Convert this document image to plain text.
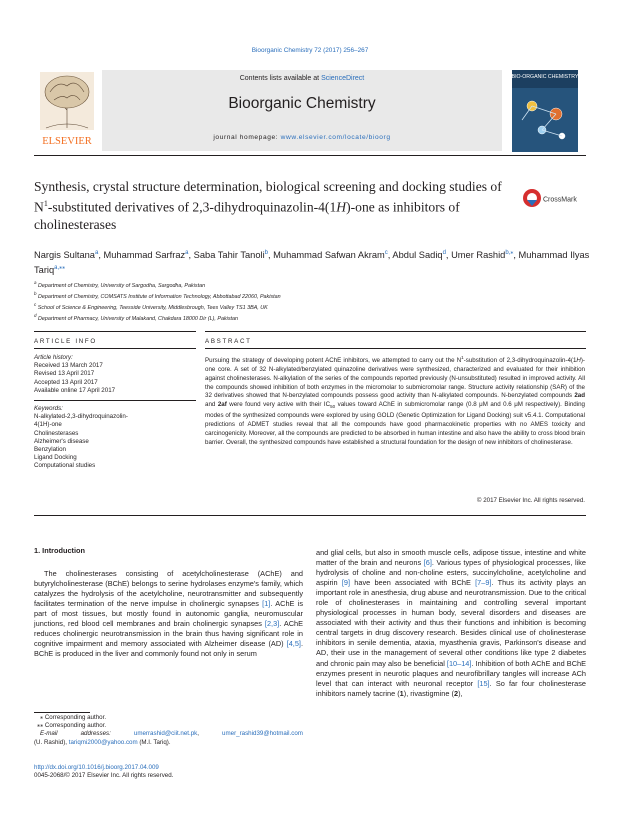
Bioorganic Chemistry 72 (2017) 256–267
ELSEVIER
Contents lists available at ScienceDirect
Bioorganic Chemistry
journal homepage: www.elsevier.com/locate/bioorg
BIO-ORGANIC CHEMISTRY
Synthesis, crystal structure determination, biological screening and docking studies of $N^1$-substituted derivatives of 2,3-dihydroquinazolin-4(1H)-one as inhibitors of cholinesterases
CrossMark
Nargis Sultana$^a$, Muhammad Sarfraz$^a$, Saba Tahir Tanoli$^b$, Muhammad Safwan Akram$^c$, Abdul Sadiq$^d$, Umer Rashid$^{b,⁎}$, Muhammad Ilyas Tariq$^{a,⁎⁎}$
$^a$ Department of Chemistry, University of Sargodha, Sargodha, Pakistan
$^b$ Department of Chemistry, COMSATS Institute of Information Technology, Abbottabad 22060, Pakistan
$^c$ School of Science & Engineering, Teesside University, Middlesbrough, Tees Valley TS1 3BA, UK
$^d$ Department of Pharmacy, University of Malakand, Chakdara 18000 Dir (L), Pakistan
ARTICLE INFO	ABSTRACT
Article history:
Received 13 March 2017
Revised 13 April 2017
Accepted 13 April 2017
Available online 17 April 2017
Keywords:
N-alkylated-2,3-dihydroquinazolin-4(1H)-one
Cholinesterases
Alzheimer's disease
Benzylation
Ligand Docking
Computational studies
Pursuing the strategy of developing potent AChE inhibitors, we attempted to carry out the $N^1$-substitution of 2,3-dihydroquinazolin-4(1H)-one core. A set of 32 N-alkylated/benzylated quinazoline derivatives were synthesized, characterized and evaluated for their inhibition against cholinesterases. N-alkylation of the series of the compounds reported previously (N-unsubstituted) resulted in improved activity. All the compounds showed inhibition of both enzymes in the micromolar to submicromolar range. Structure activity relationship (SAR) of the 32 derivatives showed that N-benzylated compounds possess good activity than N-alkylated compounds. N-benzylated compounds 2ad and 2af were found very active with their $IC_{50}$ values toward AChE in submicromolar range (0.8 μM and 0.6 μM respectively). Binding modes of the synthesized compounds were explored by using GOLD (Genetic Optimization for Ligand Docking) suit v5.4.1. Computational predictions of ADMET studies reveal that all the compounds have good pharmacokinetic properties with no AMES toxicity and carcinogenicity. Moreover, all the compounds are predicted to be absorbed in human intestine and also have the ability to cross blood brain barrier. Overall, the synthesized compounds have established a structural foundation for the design of new inhibitors of cholinesterase.
© 2017 Elsevier Inc. All rights reserved.
1. Introduction
The cholinesterases consisting of acetylcholinesterase (AChE) and butyrylcholinesterase (BChE) belongs to serine hydrolases enzyme's family, which catalyzes the hydrolysis of the acetylcholine, neurotransmitter and subsequently facilitates termination of the nerve impulse in cholinergic synapses [1]. AChE is part of most tissues, but mostly found in autonomic ganglia, neuromuscular junctions, red blood cell membranes and brain cholinergic synapses [2,3]. AChE reduces cholinergic neurotransmission in the brain thus having significant role in cognitive impairment and memory associated with Alzheimer disease (AD) [4,5]. BChE is produced in the liver and commonly found not only in serum
and glial cells, but also in smooth muscle cells, adipose tissue, intestine and white matter of the brain and neurons [6]. Various types of physiological processes, like hydrolysis of choline and non-choline esters, succinylcholine, acetylcholine and aspirin [9] have been associated with BChE [7–9]. Thus its activity plays an important role in anesthesia, drug abuse and neurotransmission. Due to the critical role of cholinesterases in maintaining and controlling several important physiological processes in human body, several disorders and diseases are associated with their activity and thus their functions and inhibition is becoming central targets in drug discovery research. Besides clinical use of cholinesterase inhibitors in senile dementia, ataxia, myasthenia gravis, Parkinson's disease and AD, their use in the management of several other conditions like type 2 diabetes and chronic pain may also be beneficial [10–14]. Inhibition of both AChE and BChE enzymes present in neurotic plaques and neurofibrillary tangles will increase ACh level that can interact with neuronal receptor [15]. So far four cholinesterase inhibitors namely tacrine (1), rivastigmine (2),
⁎ Corresponding author.
⁎⁎ Corresponding author.
E-mail addresses:	umerrashid@ciit.net.pk,	umer_rashid39@hotmail.com
(U. Rashid), tariqmi2000@yahoo.com (M.I. Tariq).
http://dx.doi.org/10.1016/j.bioorg.2017.04.009
0045-2068/© 2017 Elsevier Inc. All rights reserved.
